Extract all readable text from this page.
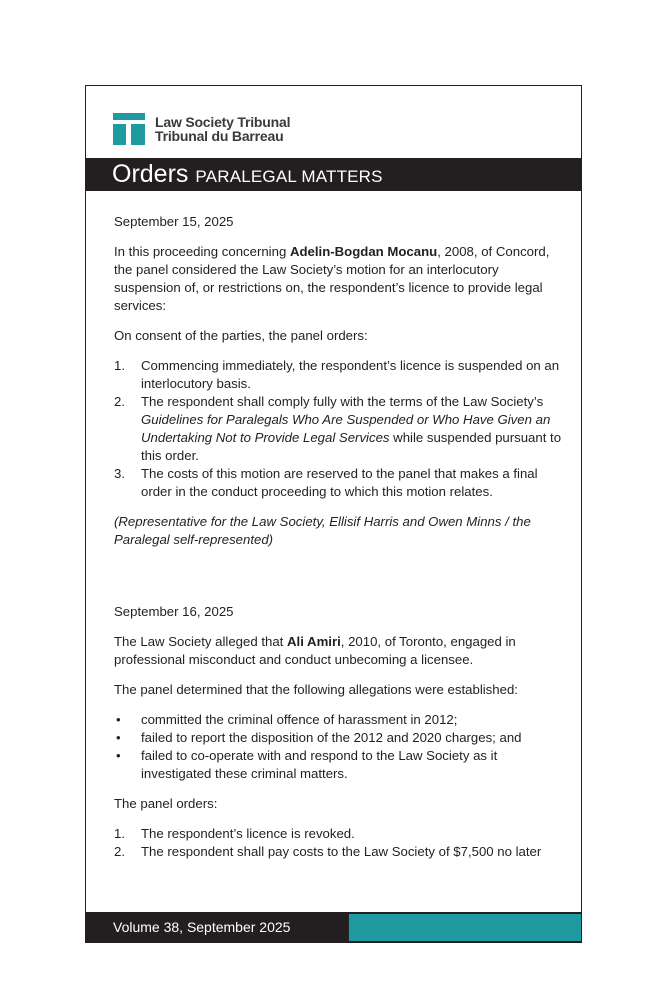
Law Society Tribunal
Tribunal du Barreau
Orders PARALEGAL MATTERS

September 15, 2025

In this proceeding concerning Adelin-Bogdan Mocanu, 2008, of Concord, the panel considered the Law Society’s motion for an interlocutory suspension of, or restrictions on, the respondent’s licence to provide legal services:

On consent of the parties, the panel orders:

1. Commencing immediately, the respondent’s licence is suspended on an interlocutory basis.
2. The respondent shall comply fully with the terms of the Law Society’s Guidelines for Paralegals Who Are Suspended or Who Have Given an Undertaking Not to Provide Legal Services while suspended pursuant to this order.
3. The costs of this motion are reserved to the panel that makes a final order in the conduct proceeding to which this motion relates.

(Representative for the Law Society, Ellisif Harris and Owen Minns / the Paralegal self-represented)

September 16, 2025

The Law Society alleged that Ali Amiri, 2010, of Toronto, engaged in professional misconduct and conduct unbecoming a licensee.

The panel determined that the following allegations were established:

• committed the criminal offence of harassment in 2012;
• failed to report the disposition of the 2012 and 2020 charges; and
• failed to co-operate with and respond to the Law Society as it investigated these criminal matters.

The panel orders:

1. The respondent’s licence is revoked.
2. The respondent shall pay costs to the Law Society of $7,500 no later
Volume 38, September 2025
